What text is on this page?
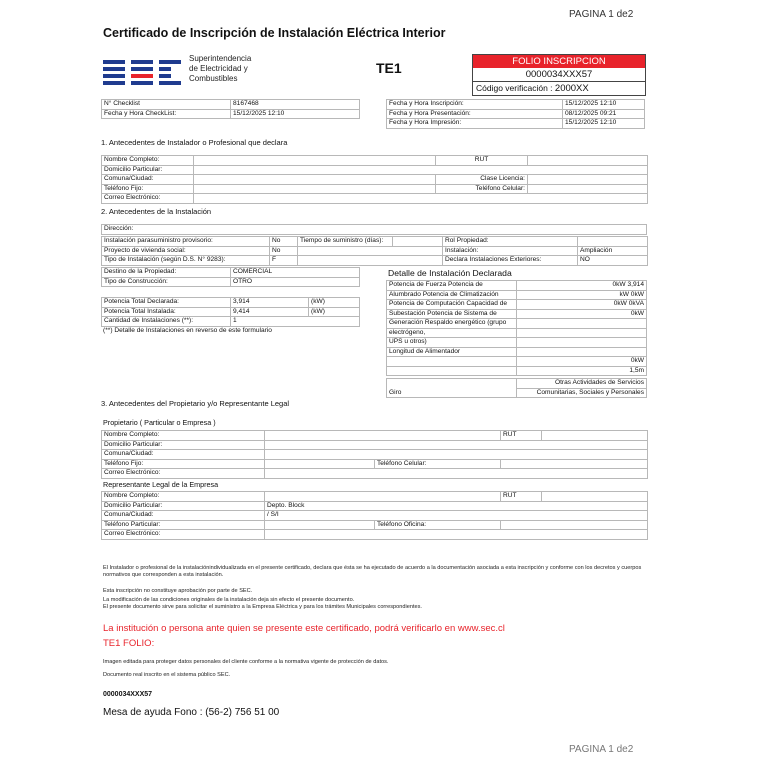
PAGINA 1 de2
Certificado de Inscripción de Instalación Eléctrica Interior
Superintendencia
de Electricidad y
Combustibles
TE1	FOLIO INSCRIPCION
0000034XXX57
Código verificación : 2000XX
N° Checklist	8167468
Fecha y Hora CheckList:	15/12/2025 12:10
Fecha y Hora Inscripción:	15/12/2025 12:10
Fecha y Hora Presentación:	08/12/2025 09:21
Fecha y Hora Impresión:	15/12/2025 12:10
1. Antecedentes de Instalador o Profesional que declara
Nombre Completo:		RUT	
Domicilio Particular:			
Comuna/Ciudad:		Clase Licencia:	
Teléfono Fijo:		Teléfono Celular:	
Correo Electrónico:			
2. Antecedentes de la Instalación
Dirección:
Instalación parasuministro provisorio:	No	Tiempo de suministro (días):		Rol Propiedad:	
Proyecto de vivienda social:	No			Instalación:	Ampliación
Tipo de Instalación (según D.S. N° 9283):	F			Declara Instalaciones Exteriores:	NO
Destino de la Propiedad:	COMERCIAL
Tipo de Construcción:	OTRO
Potencia Total Declarada:	3,914	(kW)
Potencia Total Instalada:	9,414	(kW)
Cantidad de Instalaciones (**):	1	
(**) Detalle de Instalaciones en reverso de este formulario
Detalle de Instalación Declarada
Potencia de Fuerza Potencia de	0kW 3,914
Alumbrado Potencia de Climatización	kW 0kW
Potencia de Computación Capacidad de	0kW 0kVA
Subestación Potencia de Sistema de	0kW
Generación Respaldo energético (grupo	
electrógeno,	
UPS u otros)	
Longitud de Alimentador	
	0kW
	1,5m
Giro	Otras Actividades de Servicios
Comunitarias, Sociales y Personales
3. Antecedentes del Propietario y/o Representante Legal
Propietario ( Particular o Empresa )
Nombre Completo:			RUT	
Domicilio Particular:				
Comuna/Ciudad:				
Teléfono Fijo:		Teléfono Celular:		
Correo Electrónico:				
Representante Legal de la Empresa
Nombre Completo:			RUT	
Domicilio Particular:	Depto. Block			
Comuna/Ciudad:	/ S/I			
Teléfono Particular:		Teléfono Oficina:		
Correo Electrónico:				
El Instalador o profesional de la instalaciónindividualizada en el presente certificado, declara que ésta se ha ejecutado de acuerdo a la documentación asociada a esta inscripción y conforme con los decretos y cuerpos normativos que corresponden a esta instalación.
Esta inscripción no constituye aprobación por parte de SEC.
La modificación de las condiciones originales de la instalación deja sin efecto el presente documento.
El presente documento sirve para solicitar el suministro a la Empresa Eléctrica y para los trámites Municipales correspondientes.
La institución o persona ante quien se presente este certificado, podrá verificarlo en www.sec.cl
TE1 FOLIO:
Imagen editada para proteger datos personales del cliente conforme a la normativa vigente de protección de datos.
Documento real inscrito en el sistema público SEC.
0000034XXX57
Mesa de ayuda Fono : (56-2) 756 51 00
PAGINA 1 de2
